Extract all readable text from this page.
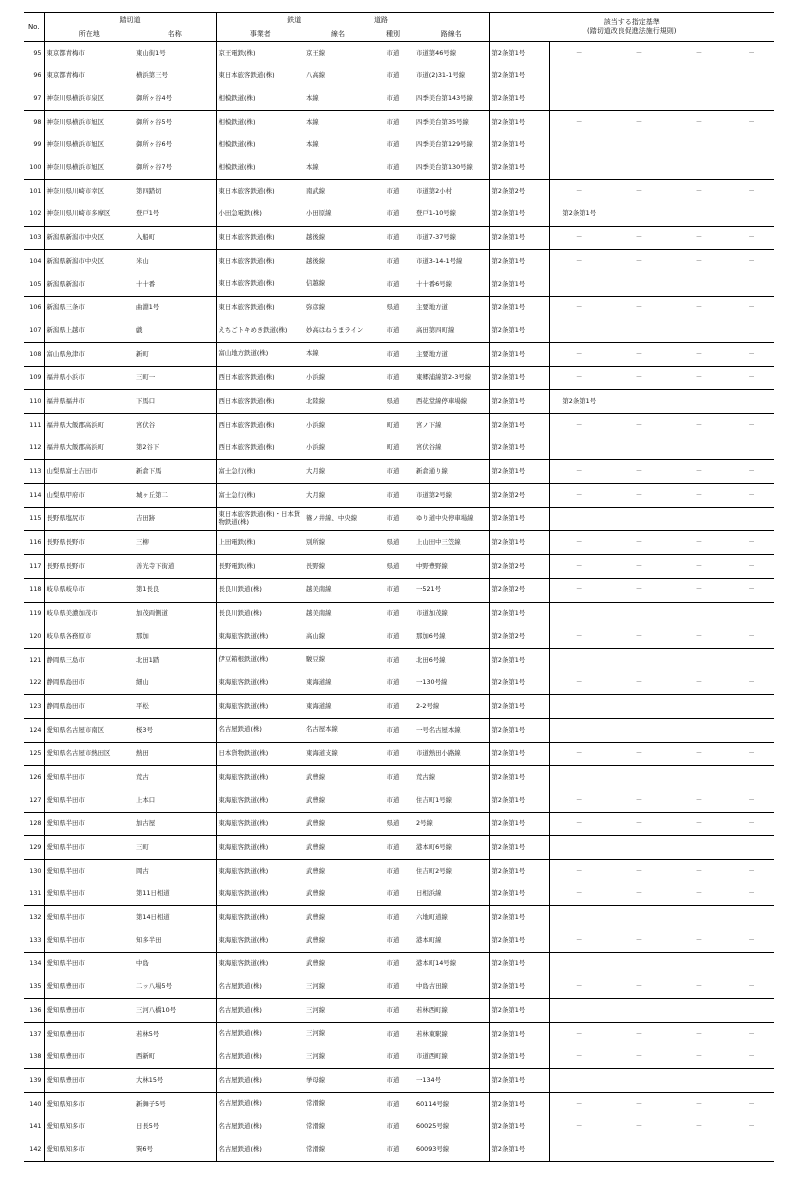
No.	踏切道		鉄道		道路		該当する指定基準
(踏切道改良促進法施行規則)				
	所在地	名称	事業者	線名	種別	路線名					
95	東京都青梅市	東山街1号	京王電鉄(株)	京王線	市道	市道第46号線	第2条第1号	－	－	－	－
96	東京都青梅市	横浜第三号	東日本旅客鉄道(株)	八高線	市道	市道(2)31-1号線	第2条第1号				
97	神奈川県横浜市泉区	御所ヶ谷4号	相模鉄道(株)	本線	市道	四季美台第143号線	第2条第1号				
98	神奈川県横浜市旭区	御所ヶ谷5号	相模鉄道(株)	本線	市道	四季美台第35号線	第2条第1号	－	－	－	－
99	神奈川県横浜市旭区	御所ヶ谷6号	相模鉄道(株)	本線	市道	四季美台第129号線	第2条第1号				
100	神奈川県横浜市旭区	御所ヶ谷7号	相模鉄道(株)	本線	市道	四季美台第130号線	第2条第1号				
101	神奈川県川崎市幸区	第四踏切	東日本旅客鉄道(株)	南武線	市道	市道第2小村	第2条第2号	－	－	－	－
102	神奈川県川崎市多摩区	登戸1号	小田急電鉄(株)	小田原線	市道	登戸1-10号線	第2条第1号	第2条第1号			
103	新潟県新潟市中央区	入船町	東日本旅客鉄道(株)	越後線	市道	市道7-37号線	第2条第1号	－	－	－	－
104	新潟県新潟市中央区	米山	東日本旅客鉄道(株)	越後線	市道	市道3-14-1号線	第2条第1号	－	－	－	－
105	新潟県新潟市	十十番	東日本旅客鉄道(株)	信越線	市道	十十番6号線	第2条第1号				
106	新潟県三条市	曲淵1号	東日本旅客鉄道(株)	弥彦線	県道	主要地方道	第2条第1号	－	－	－	－
107	新潟県上越市	戯	えちごトキめき鉄道(株)	妙高はねうまライン	市道	高田第四町線	第2条第1号				
108	富山県魚津市	新町	富山地方鉄道(株)	本線	市道	主要地方道	第2条第1号	－	－	－	－
109	福井県小浜市	三町一	西日本旅客鉄道(株)	小浜線	市道	東郷浦線第2-3号線	第2条第1号	－	－	－	－
110	福井県福井市	下馬口	西日本旅客鉄道(株)	北陸線	県道	西花堂線停車場線	第2条第1号	第2条第1号			
111	福井県大飯郡高浜町	宮伏谷	西日本旅客鉄道(株)	小浜線	町道	宮ノ下線	第2条第1号	－	－	－	－
112	福井県大飯郡高浜町	第2谷下	西日本旅客鉄道(株)	小浜線	町道	宮伏谷線	第2条第1号				
113	山梨県富士吉田市	新倉下馬	富士急行(株)	大月線	市道	新倉通り線	第2条第1号	－	－	－	－
114	山梨県甲府市	城ヶ丘第二	富士急行(株)	大月線	市道	市道第2号線	第2条第2号	－	－	－	－
115	長野県塩尻市	吉田跡	東日本旅客鉄道(株)・日本貨物鉄道(株)	篠ノ井線、中央線	市道	ゆり道中央停車場線	第2条第1号				
116	長野県長野市	三柳	上田電鉄(株)	別所線	県道	上山田中三笠線	第2条第1号	－	－	－	－
117	長野県長野市	善光寺下街道	長野電鉄(株)	長野線	県道	中野豊野線	第2条第2号	－	－	－	－
118	岐阜県岐阜市	第1長良	長良川鉄道(株)	越美南線	市道	一521号	第2条第2号	－	－	－	－
119	岐阜県美濃加茂市	加茂両側道	長良川鉄道(株)	越美南線	市道	市道加茂線	第2条第1号				
120	岐阜県各務原市	那加	東海旅客鉄道(株)	高山線	市道	那加6号線	第2条第2号	－	－	－	－
121	静岡県三島市	北田1踏	伊豆箱根鉄道(株)	駿豆線	市道	北田6号線	第2条第1号				
122	静岡県島田市	細山	東海旅客鉄道(株)	東海道線	市道	一130号線	第2条第1号	－	－	－	－
123	静岡県島田市	平松	東海旅客鉄道(株)	東海道線	市道	2-2号線	第2条第1号				
124	愛知県名古屋市南区	桜3号	名古屋鉄道(株)	名古屋本線	市道	一号名古屋本線	第2条第1号				
125	愛知県名古屋市熱田区	熱田	日本貨物鉄道(株)	東海道支線	市道	市道熱田小路線	第2条第1号	－	－	－	－
126	愛知県半田市	荒古	東海旅客鉄道(株)	武豊線	市道	荒古線	第2条第1号				
127	愛知県半田市	上本口	東海旅客鉄道(株)	武豊線	市道	住吉町1号線	第2条第1号	－	－	－	－
128	愛知県半田市	加古屋	東海旅客鉄道(株)	武豊線	県道	2号線	第2条第1号	－	－	－	－
129	愛知県半田市	三町	東海旅客鉄道(株)	武豊線	市道	港本町6号線	第2条第1号				
130	愛知県半田市	岡古	東海旅客鉄道(株)	武豊線	市道	住吉町2号線	第2条第1号	－	－	－	－
131	愛知県半田市	第11日相道	東海旅客鉄道(株)	武豊線	市道	日相浜線	第2条第1号	－	－	－	－
132	愛知県半田市	第14日相道	東海旅客鉄道(株)	武豊線	市道	六地町道線	第2条第1号				
133	愛知県半田市	知多半田	東海旅客鉄道(株)	武豊線	市道	港本町線	第2条第1号	－	－	－	－
134	愛知県半田市	中島	東海旅客鉄道(株)	武豊線	市道	港本町14号線	第2条第1号				
135	愛知県豊田市	二ッ八場5号	名古屋鉄道(株)	三河線	市道	中島古田線	第2条第1号	－	－	－	－
136	愛知県豊田市	三河八橋10号	名古屋鉄道(株)	三河線	市道	若林西町線	第2条第1号				
137	愛知県豊田市	若林5号	名古屋鉄道(株)	三河線	市道	若林東駅線	第2条第1号	－	－	－	－
138	愛知県豊田市	西新町	名古屋鉄道(株)	三河線	市道	市道西町線	第2条第1号	－	－	－	－
139	愛知県豊田市	大林15号	名古屋鉄道(株)	挙母線	市道	一134号	第2条第1号				
140	愛知県知多市	新舞子5号	名古屋鉄道(株)	常滑線	市道	60114号線	第2条第1号	－	－	－	－
141	愛知県知多市	日長5号	名古屋鉄道(株)	常滑線	市道	60025号線	第2条第1号	－	－	－	－
142	愛知県知多市	巽6号	名古屋鉄道(株)	常滑線	市道	60093号線	第2条第1号				
